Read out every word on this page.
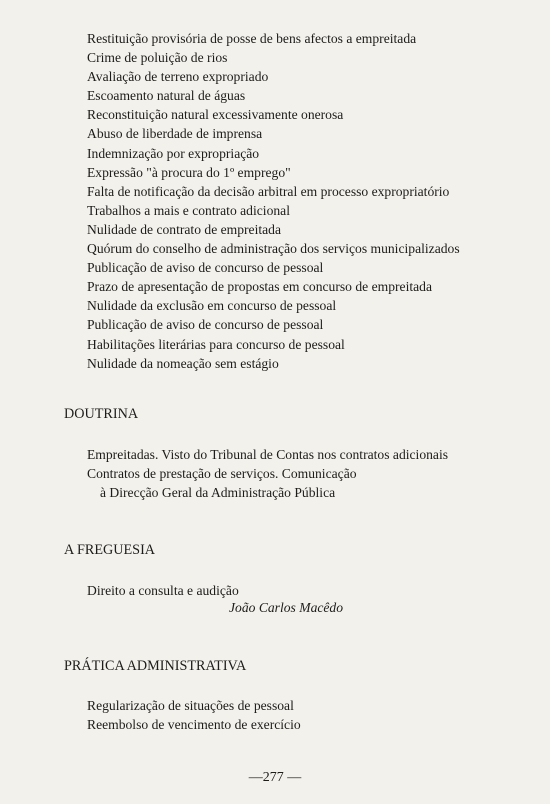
Restituição provisória de posse de bens afectos a empreitada
Crime de poluição de rios
Avaliação de terreno expropriado
Escoamento natural de águas
Reconstituição natural excessivamente onerosa
Abuso de liberdade de imprensa
Indemnização por expropriação
Expressão "à procura do 1º emprego"
Falta de notificação da decisão arbitral em processo expropriatório
Trabalhos a mais e contrato adicional
Nulidade de contrato de empreitada
Quórum do conselho de administração dos serviços municipalizados
Publicação de aviso de concurso de pessoal
Prazo de apresentação de propostas em concurso de empreitada
Nulidade da exclusão em concurso de pessoal
Publicação de aviso de concurso de pessoal
Habilitações literárias para concurso de pessoal
Nulidade da nomeação sem estágio
DOUTRINA
Empreitadas. Visto do Tribunal de Contas nos contratos adicionais
Contratos de prestação de serviços. Comunicação
à Direcção Geral da Administração Pública
A FREGUESIA
Direito a consulta e audição
João Carlos Macêdo
PRÁTICA ADMINISTRATIVA
Regularização de situações de pessoal
Reembolso de vencimento de exercício
—277 —
